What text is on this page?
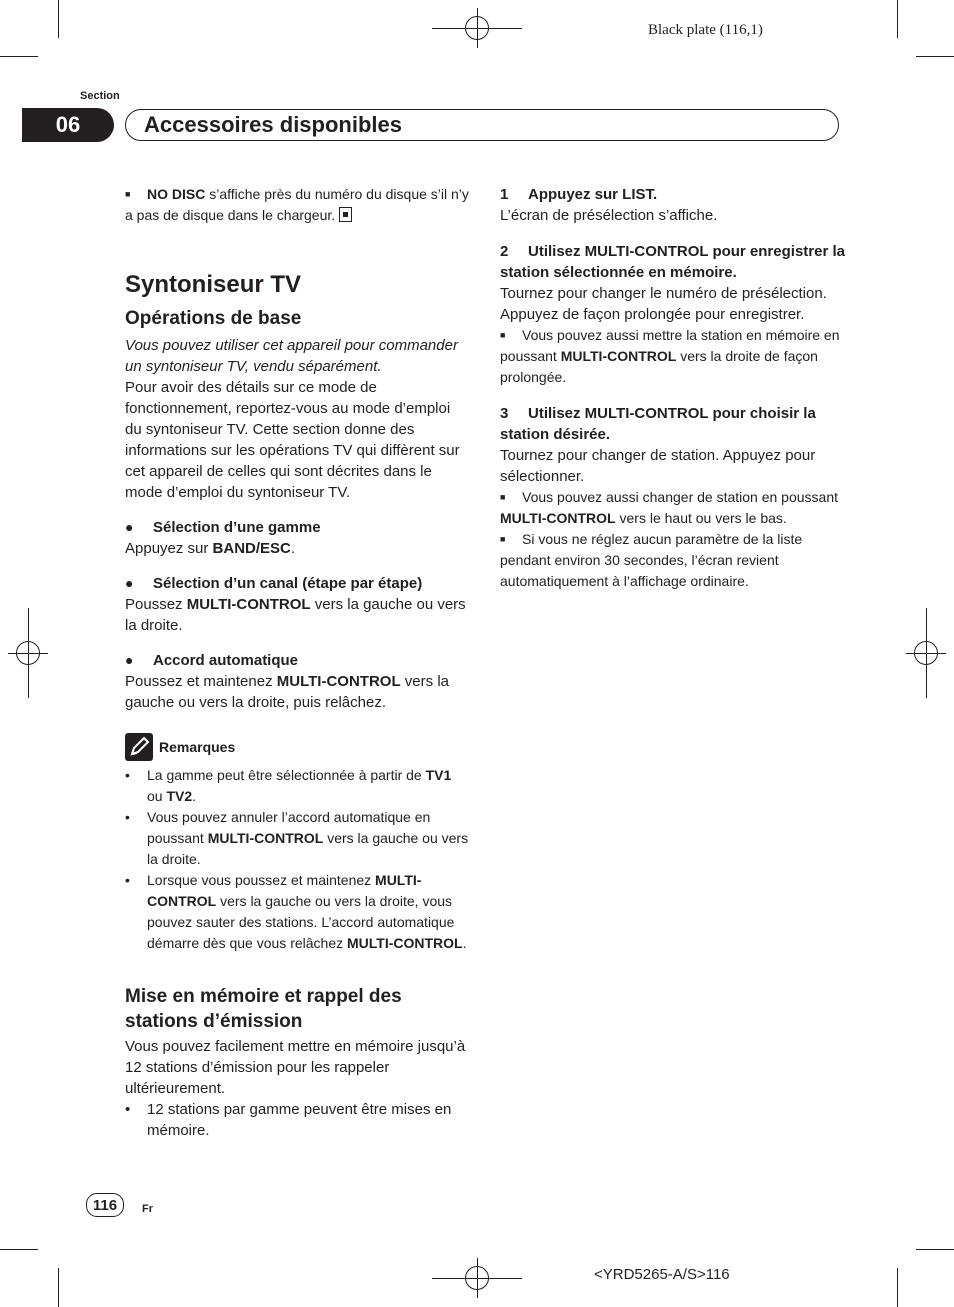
Black plate (116,1)
Section
06	Accessoires disponibles

■ NO DISC s’affiche près du numéro du disque s’il n’y a pas de disque dans le chargeur.

Syntoniseur TV
Opérations de base

Vous pouvez utiliser cet appareil pour commander un syntoniseur TV, vendu séparément.

Pour avoir des détails sur ce mode de fonctionnement, reportez-vous au mode d’emploi du syntoniseur TV. Cette section donne des informations sur les opérations TV qui diffèrent sur cet appareil de celles qui sont décrites dans le mode d’emploi du syntoniseur TV.

● Sélection d’une gamme

Appuyez sur BAND/ESC.

● Sélection d’un canal (étape par étape)

Poussez MULTI-CONTROL vers la gauche ou vers la droite.

● Accord automatique

Poussez et maintenez MULTI-CONTROL vers la gauche ou vers la droite, puis relâchez.

Remarques

• La gamme peut être sélectionnée à partir de TV1 ou TV2.

• Vous pouvez annuler l’accord automatique en poussant MULTI-CONTROL vers la gauche ou vers la droite.

• Lorsque vous poussez et maintenez MULTI-CONTROL vers la gauche ou vers la droite, vous pouvez sauter des stations. L’accord automatique démarre dès que vous relâchez MULTI-CONTROL.

Mise en mémoire et rappel des stations d’émission

Vous pouvez facilement mettre en mémoire jusqu’à 12 stations d’émission pour les rappeler ultérieurement.

• 12 stations par gamme peuvent être mises en mémoire.

1 Appuyez sur LIST.

L’écran de présélection s’affiche.

2 Utilisez MULTI-CONTROL pour enregistrer la station sélectionnée en mémoire.

Tournez pour changer le numéro de présélection. Appuyez de façon prolongée pour enregistrer.

■ Vous pouvez aussi mettre la station en mémoire en poussant MULTI-CONTROL vers la droite de façon prolongée.

3 Utilisez MULTI-CONTROL pour choisir la station désirée.

Tournez pour changer de station. Appuyez pour sélectionner.

■ Vous pouvez aussi changer de station en poussant MULTI-CONTROL vers le haut ou vers le bas.

■ Si vous ne réglez aucun paramètre de la liste pendant environ 30 secondes, l’écran revient automatiquement à l’affichage ordinaire.

116	Fr
<YRD5265-A/S>116
